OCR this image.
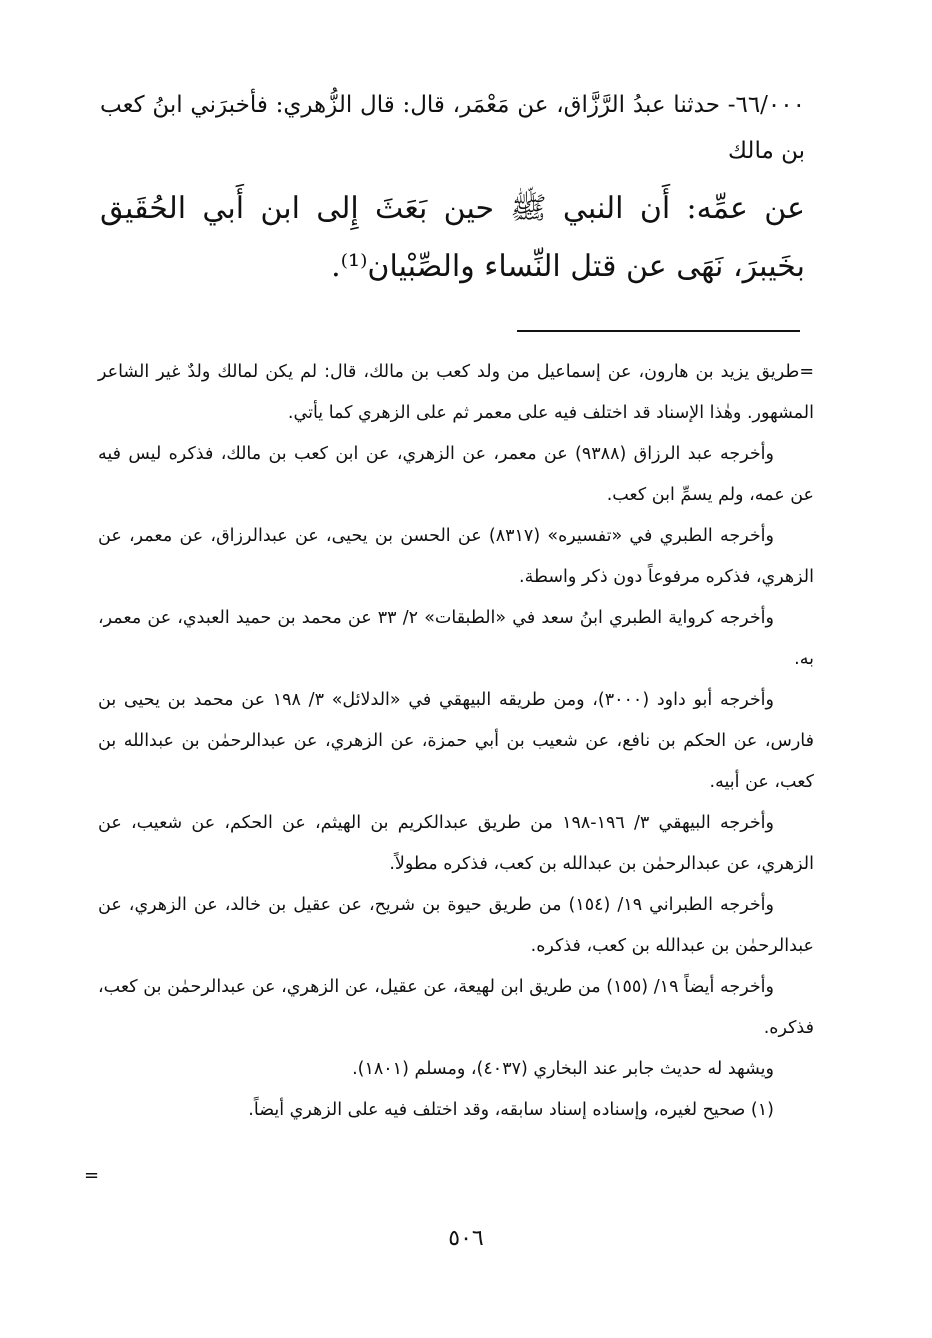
٦٦/٠٠٠- حدثنا عبدُ الرَّزَّاق، عن مَعْمَر، قال: قال الزُّهري: فأخبرَني ابنُ كعب بن مالك
عن عمِّه: أَن النبي ﷺ حين بَعَثَ إِلى ابن أَبي الحُقَيق بخَيبرَ، نَهَى عن قتل النِّساء والصِّبْيان⁽¹⁾.

=طريق يزيد بن هارون، عن إسماعيل من ولد كعب بن مالك، قال: لم يكن لمالك ولدٌ غير الشاعر المشهور. وهٰذا الإسناد قد اختلف فيه على معمر ثم على الزهري كما يأتي.

وأخرجه عبد الرزاق (٩٣٨٨) عن معمر، عن الزهري، عن ابن كعب بن مالك، فذكره ليس فيه عن عمه، ولم يسمِّ ابن كعب.

وأخرجه الطبري في «تفسيره» (٨٣١٧) عن الحسن بن يحيى، عن عبدالرزاق، عن معمر، عن الزهري، فذكره مرفوعاً دون ذكر واسطة.

وأخرجه كرواية الطبري ابنُ سعد في «الطبقات» ٢/ ٣٣ عن محمد بن حميد العبدي، عن معمر، به.

وأخرجه أبو داود (٣٠٠٠)، ومن طريقه البيهقي في «الدلائل» ٣/ ١٩٨ عن محمد بن يحيى بن فارس، عن الحكم بن نافع، عن شعيب بن أبي حمزة، عن الزهري، عن عبدالرحمٰن بن عبدالله بن كعب، عن أبيه.

وأخرجه البيهقي ٣/ ١٩٦-١٩٨ من طريق عبدالكريم بن الهيثم، عن الحكم، عن شعيب، عن الزهري، عن عبدالرحمٰن بن عبدالله بن كعب، فذكره مطولاً.

وأخرجه الطبراني ١٩/ (١٥٤) من طريق حيوة بن شريح، عن عقيل بن خالد، عن الزهري، عن عبدالرحمٰن بن عبدالله بن كعب، فذكره.

وأخرجه أيضاً ١٩/ (١٥٥) من طريق ابن لهيعة، عن عقيل، عن الزهري، عن عبدالرحمٰن بن كعب، فذكره.

ويشهد له حديث جابر عند البخاري (٤٠٣٧)، ومسلم (١٨٠١).

(١) صحيح لغيره، وإسناده إسناد سابقه، وقد اختلف فيه على الزهري أيضاً.

=
٥٠٦
